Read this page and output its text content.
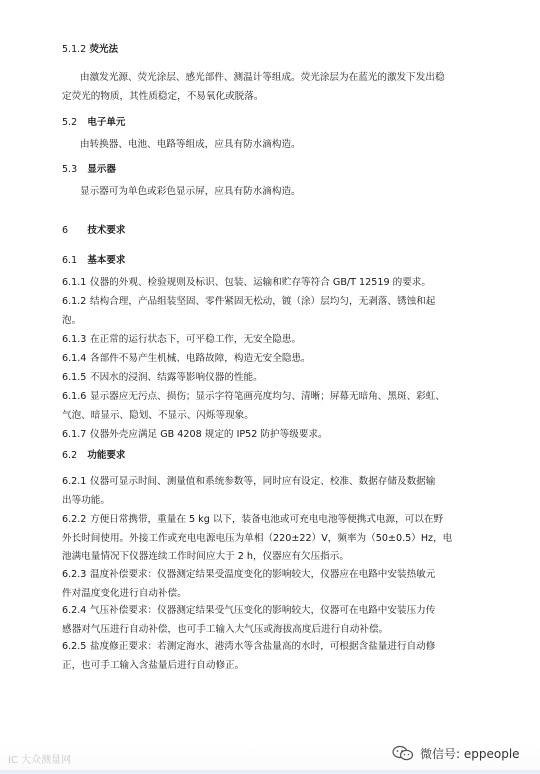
5.1.2 荧光法
由激发光源、荧光涂层、感光部件、测温计等组成。荧光涂层为在蓝光的激发下发出稳
定荧光的物质，其性质稳定，不易氧化或脱落。
5.2 电子单元
由转换器、电池、电路等组成，应具有防水滴构造。
5.3 显示器
显示器可为单色或彩色显示屏，应具有防水滴构造。
6 技术要求
6.1 基本要求
6.1.1 仪器的外观、检验规则及标识、包装、运输和贮存等符合 GB/T 12519 的要求。
6.1.2 结构合理，产品组装坚固、零件紧固无松动，镀（涂）层均匀，无剥落、锈蚀和起
泡。
6.1.3 在正常的运行状态下，可平稳工作，无安全隐患。
6.1.4 各部件不易产生机械、电路故障，构造无安全隐患。
6.1.5 不因水的浸润、结露等影响仪器的性能。
6.1.6 显示器应无污点、损伤；显示字符笔画亮度均匀、清晰；屏幕无暗角、黑斑、彩虹、
气泡、暗显示、隐划、不显示、闪烁等现象。
6.1.7 仪器外壳应满足 GB 4208 规定的 IP52 防护等级要求。
6.2 功能要求
6.2.1 仪器可显示时间、测量值和系统参数等，同时应有设定、校准、数据存储及数据输
出等功能。
6.2.2 方便日常携带，重量在 5 kg 以下，装备电池或可充电电池等便携式电源，可以在野
外长时间使用。外接工作或充电电源电压为单相（220±22）V，频率为（50±0.5）Hz，电
池满电量情况下仪器连续工作时间应大于 2 h，仪器应有欠压指示。
6.2.3 温度补偿要求：仪器测定结果受温度变化的影响较大，仪器应在电路中安装热敏元
件对温度变化进行自动补偿。
6.2.4 气压补偿要求：仪器测定结果受气压变化的影响较大，仪器可在电路中安装压力传
感器对气压进行自动补偿，也可手工输入大气压或海拔高度后进行自动补偿。
6.2.5 盐度修正要求：若测定海水、港湾水等含盐量高的水时，可根据含盐量进行自动修
正，也可手工输入含盐量后进行自动修正。
IC 大众测量网	微信号: eppeople
